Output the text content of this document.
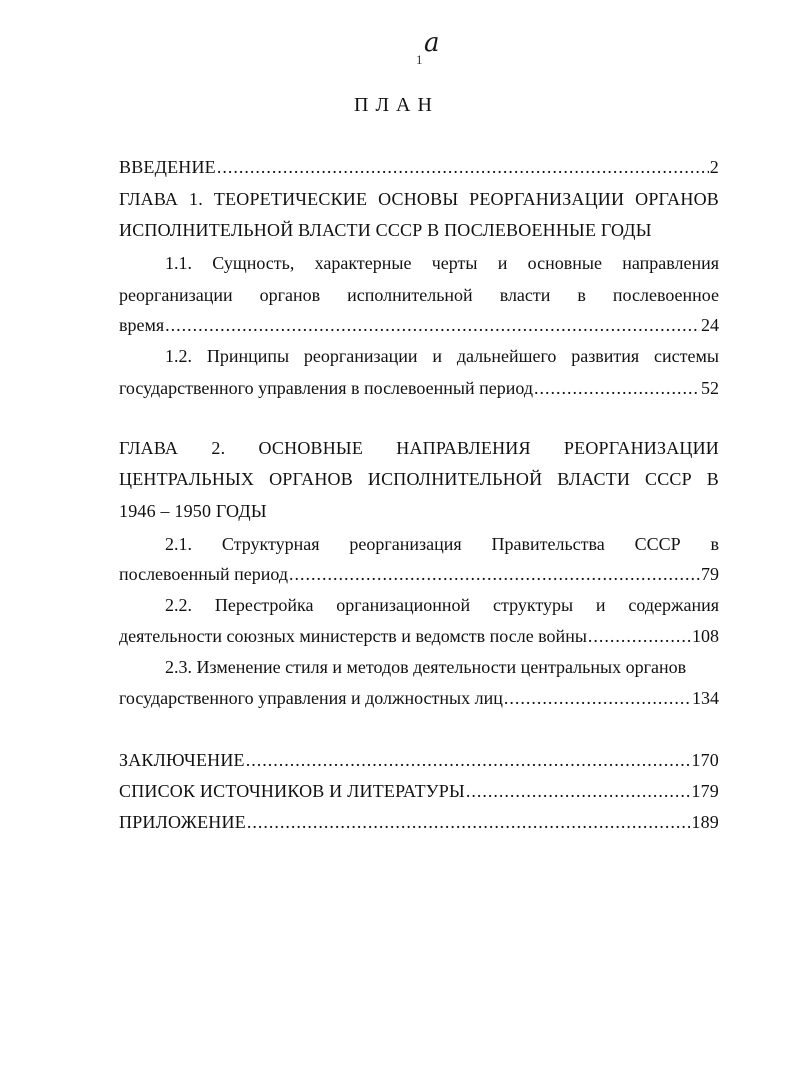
a
1
ПЛАН
ВВЕДЕНИЕ .....	2
ГЛАВА 1. ТЕОРЕТИЧЕСКИЕ ОСНОВЫ РЕОРГАНИЗАЦИИ ОРГАНОВ
ИСПОЛНИТЕЛЬНОЙ ВЛАСТИ СССР В ПОСЛЕВОЕННЫЕ ГОДЫ
1.1. Сущность, характерные черты и основные направления
реорганизации органов исполнительной власти в послевоенное
время .....	24
1.2. Принципы реорганизации и дальнейшего развития системы
государственного управления в послевоенный период .....	52
ГЛАВА 2. ОСНОВНЫЕ НАПРАВЛЕНИЯ РЕОРГАНИЗАЦИИ
ЦЕНТРАЛЬНЫХ ОРГАНОВ ИСПОЛНИТЕЛЬНОЙ ВЛАСТИ СССР В
1946 – 1950 ГОДЫ
2.1. Структурная реорганизация Правительства СССР в
послевоенный период .....	79
2.2. Перестройка организационной структуры и содержания
деятельности союзных министерств и ведомств после войны .....	108
2.3. Изменение стиля и методов деятельности центральных органов
государственного управления и должностных лиц .....	134
ЗАКЛЮЧЕНИЕ .....	170
СПИСОК ИСТОЧНИКОВ И ЛИТЕРАТУРЫ .....	179
ПРИЛОЖЕНИЕ .....	189
